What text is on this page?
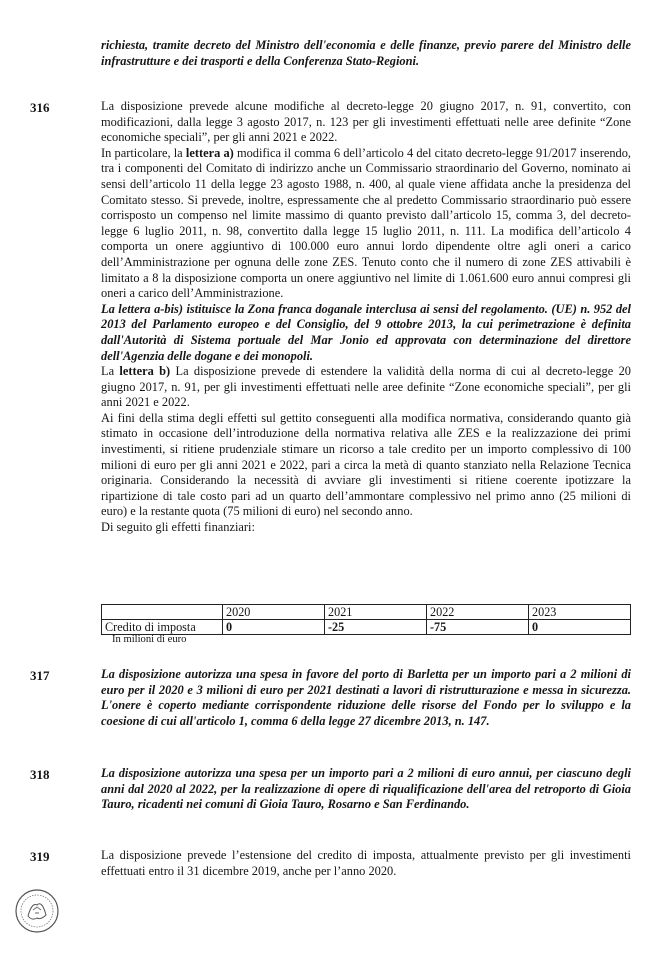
richiesta, tramite decreto del Ministro dell'economia e delle finanze, previo parere del Ministro delle infrastrutture e dei trasporti e della Conferenza Stato-Regioni.
316	La disposizione prevede alcune modifiche al decreto-legge 20 giugno 2017, n. 91, convertito, con modificazioni, dalla legge 3 agosto 2017, n. 123 per gli investimenti effettuati nelle aree definite “Zone economiche speciali”, per gli anni 2021 e 2022.

In particolare, la lettera a) modifica il comma 6 dell’articolo 4 del citato decreto-legge 91/2017 inserendo, tra i componenti del Comitato di indirizzo anche un Commissario straordinario del Governo, nominato ai sensi dell’articolo 11 della legge 23 agosto 1988, n. 400, al quale viene affidata anche la presidenza del Comitato stesso. Si prevede, inoltre, espressamente che al predetto Commissario straordinario può essere corrisposto un compenso nel limite massimo di quanto previsto dall’articolo 15, comma 3, del decreto-legge 6 luglio 2011, n. 98, convertito dalla legge 15 luglio 2011, n. 111. La modifica dell’articolo 4 comporta un onere aggiuntivo di 100.000 euro annui lordo dipendente oltre agli oneri a carico dell’Amministrazione per ognuna delle zone ZES. Tenuto conto che il numero di zone ZES attivabili è limitato a 8 la disposizione comporta un onere aggiuntivo nel limite di 1.061.600 euro annui compresi gli oneri a carico dell’Amministrazione.

La lettera a-bis) istituisce la Zona franca doganale interclusa ai sensi del regolamento. (UE) n. 952 del 2013 del Parlamento europeo e del Consiglio, del 9 ottobre 2013, la cui perimetrazione è definita dall'Autorità di Sistema portuale del Mar Jonio ed approvata con determinazione del direttore dell'Agenzia delle dogane e dei monopoli.

La lettera b) La disposizione prevede di estendere la validità della norma di cui al decreto-legge 20 giugno 2017, n. 91, per gli investimenti effettuati nelle aree definite “Zone economiche speciali”, per gli anni 2021 e 2022.

Ai fini della stima degli effetti sul gettito conseguenti alla modifica normativa, considerando quanto già stimato in occasione dell’introduzione della normativa relativa alle ZES e la realizzazione dei primi investimenti, si ritiene prudenziale stimare un ricorso a tale credito per un importo complessivo di 100 milioni di euro per gli anni 2021 e 2022, pari a circa la metà di quanto stanziato nella Relazione Tecnica originaria. Considerando la necessità di avviare gli investimenti si ritiene coerente ipotizzare la ripartizione di tale costo pari ad un quarto dell’ammontare complessivo nel primo anno (25 milioni di euro) e la restante quota (75 milioni di euro) nel secondo anno.

Di seguito gli effetti finanziari:

	2020	2021	2022	2023
Credito di imposta	0	-25	-75	0
In milioni di euro
317	La disposizione autorizza una spesa in favore del porto di Barletta per un importo pari a 2 milioni di euro per il 2020 e 3 milioni di euro per 2021 destinati a lavori di ristrutturazione e messa in sicurezza. L'onere è coperto mediante corrispondente riduzione delle risorse del Fondo per lo sviluppo e la coesione di cui all'articolo 1, comma 6 della legge 27 dicembre 2013, n. 147.
318	La disposizione autorizza una spesa per un importo pari a 2 milioni di euro annui, per ciascuno degli anni dal 2020 al 2022, per la realizzazione di opere di riqualificazione dell'area del retroporto di Gioia Tauro, ricadenti nei comuni di Gioia Tauro, Rosarno e San Ferdinando.
319	La disposizione prevede l’estensione del credito di imposta, attualmente previsto per gli investimenti effettuati entro il 31 dicembre 2019, anche per l’anno 2020.
